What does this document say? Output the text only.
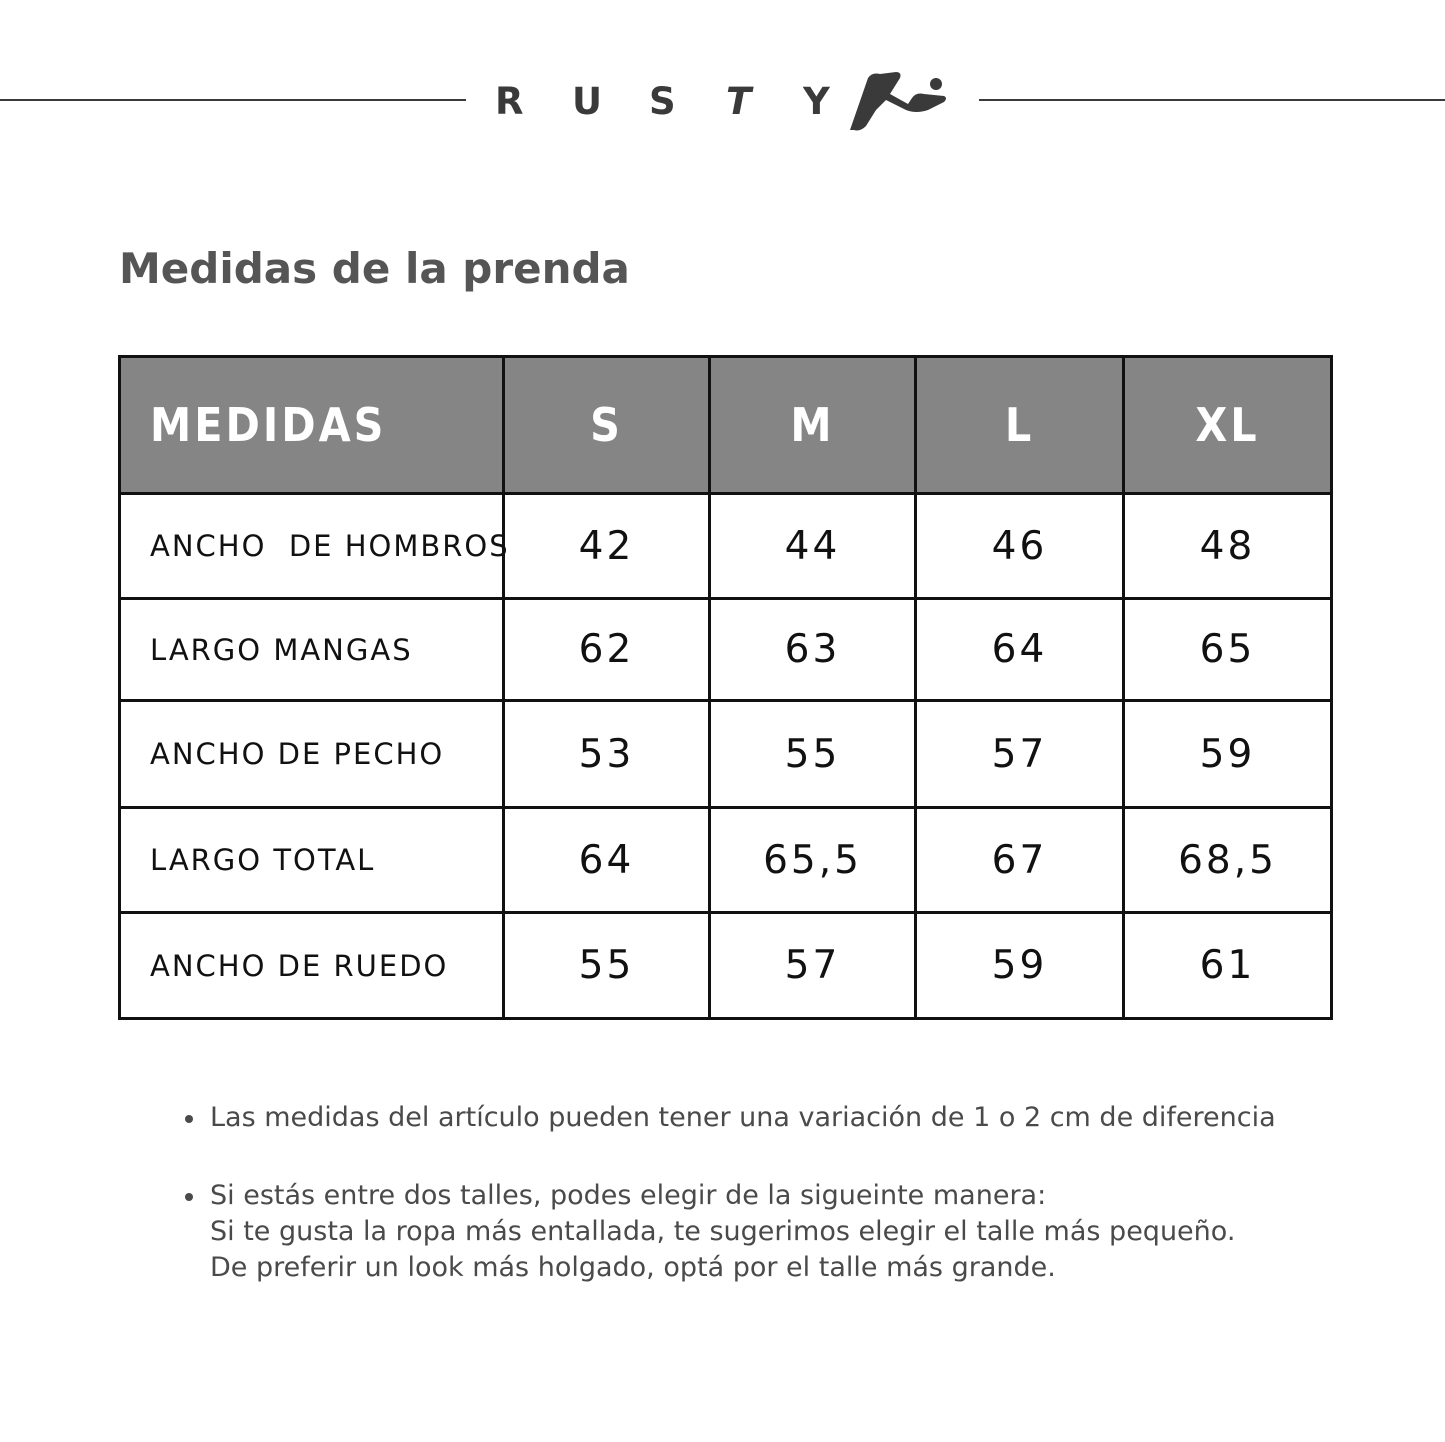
R	U	S	T	Y
Medidas de la prenda
MEDIDAS	S	M	L	XL
ANCHO  DE HOMBROS	42	44	46	48
LARGO MANGAS	62	63	64	65
ANCHO DE PECHO	53	55	57	59
LARGO TOTAL	64	65,5	67	68,5
ANCHO DE RUEDO	55	57	59	61
Las medidas del artículo pueden tener una variación de 1 o 2 cm de diferencia
Si estás entre dos talles, podes elegir de la sigueinte manera:
Si te gusta la ropa más entallada, te sugerimos elegir el talle más pequeño.
De preferir un look más holgado, optá por el talle más grande.
